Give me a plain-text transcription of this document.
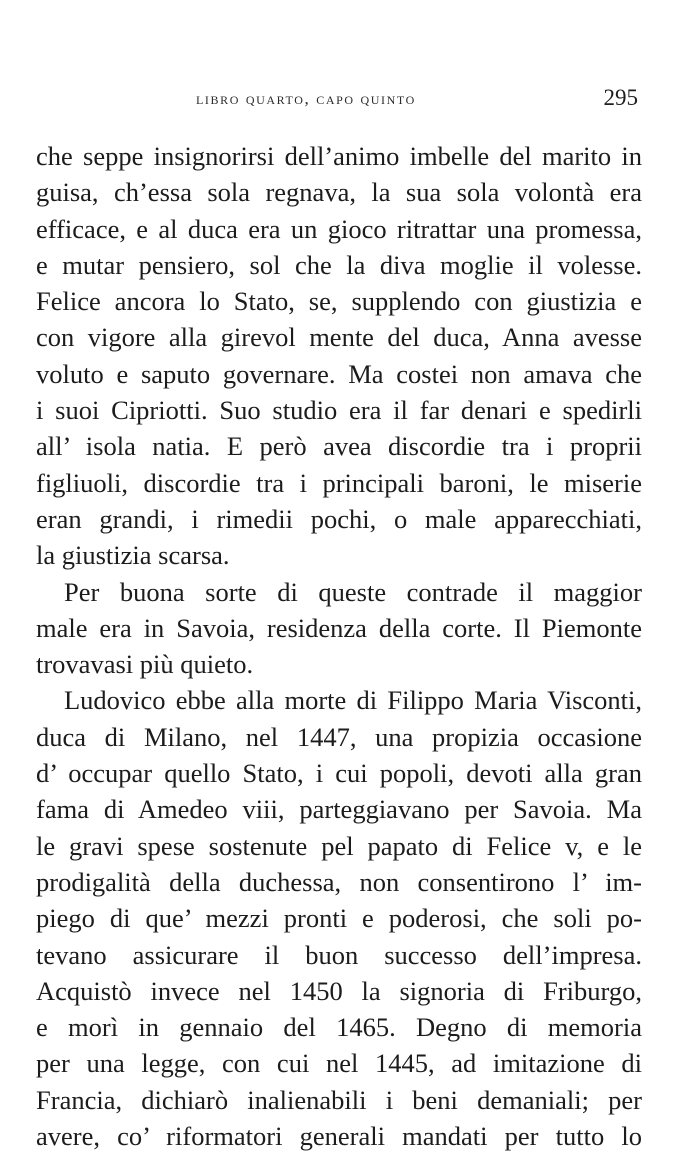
libro quarto, capo quinto	295
che seppe insignorirsi dell’animo imbelle del marito in
guisa, ch’essa sola regnava, la sua sola volontà era
efficace, e al duca era un gioco ritrattar una promessa,
e mutar pensiero, sol che la diva moglie il volesse.
Felice ancora lo Stato, se, supplendo con giustizia e
con vigore alla girevol mente del duca, Anna avesse
voluto e saputo governare. Ma costei non amava che
i suoi Cipriotti. Suo studio era il far denari e spedirli
all’ isola natia. E però avea discordie tra i proprii
figliuoli, discordie tra i principali baroni, le miserie
eran grandi, i rimedii pochi, o male apparecchiati,
la giustizia scarsa.
Per buona sorte di queste contrade il maggior
male era in Savoia, residenza della corte. Il Piemonte
trovavasi più quieto.
Ludovico ebbe alla morte di Filippo Maria Visconti,
duca di Milano, nel 1447, una propizia occasione
d’ occupar quello Stato, i cui popoli, devoti alla gran
fama di Amedeo viii, parteggiavano per Savoia. Ma
le gravi spese sostenute pel papato di Felice v, e le
prodigalità della duchessa, non consentirono l’ im-
piego di que’ mezzi pronti e poderosi, che soli po-
tevano assicurare il buon successo dell’impresa.
Acquistò invece nel 1450 la signoria di Friburgo,
e morì in gennaio del 1465. Degno di memoria
per una legge, con cui nel 1445, ad imitazione di
Francia, dichiarò inalienabili i beni demaniali; per
avere, co’ riformatori generali mandati per tutto lo
